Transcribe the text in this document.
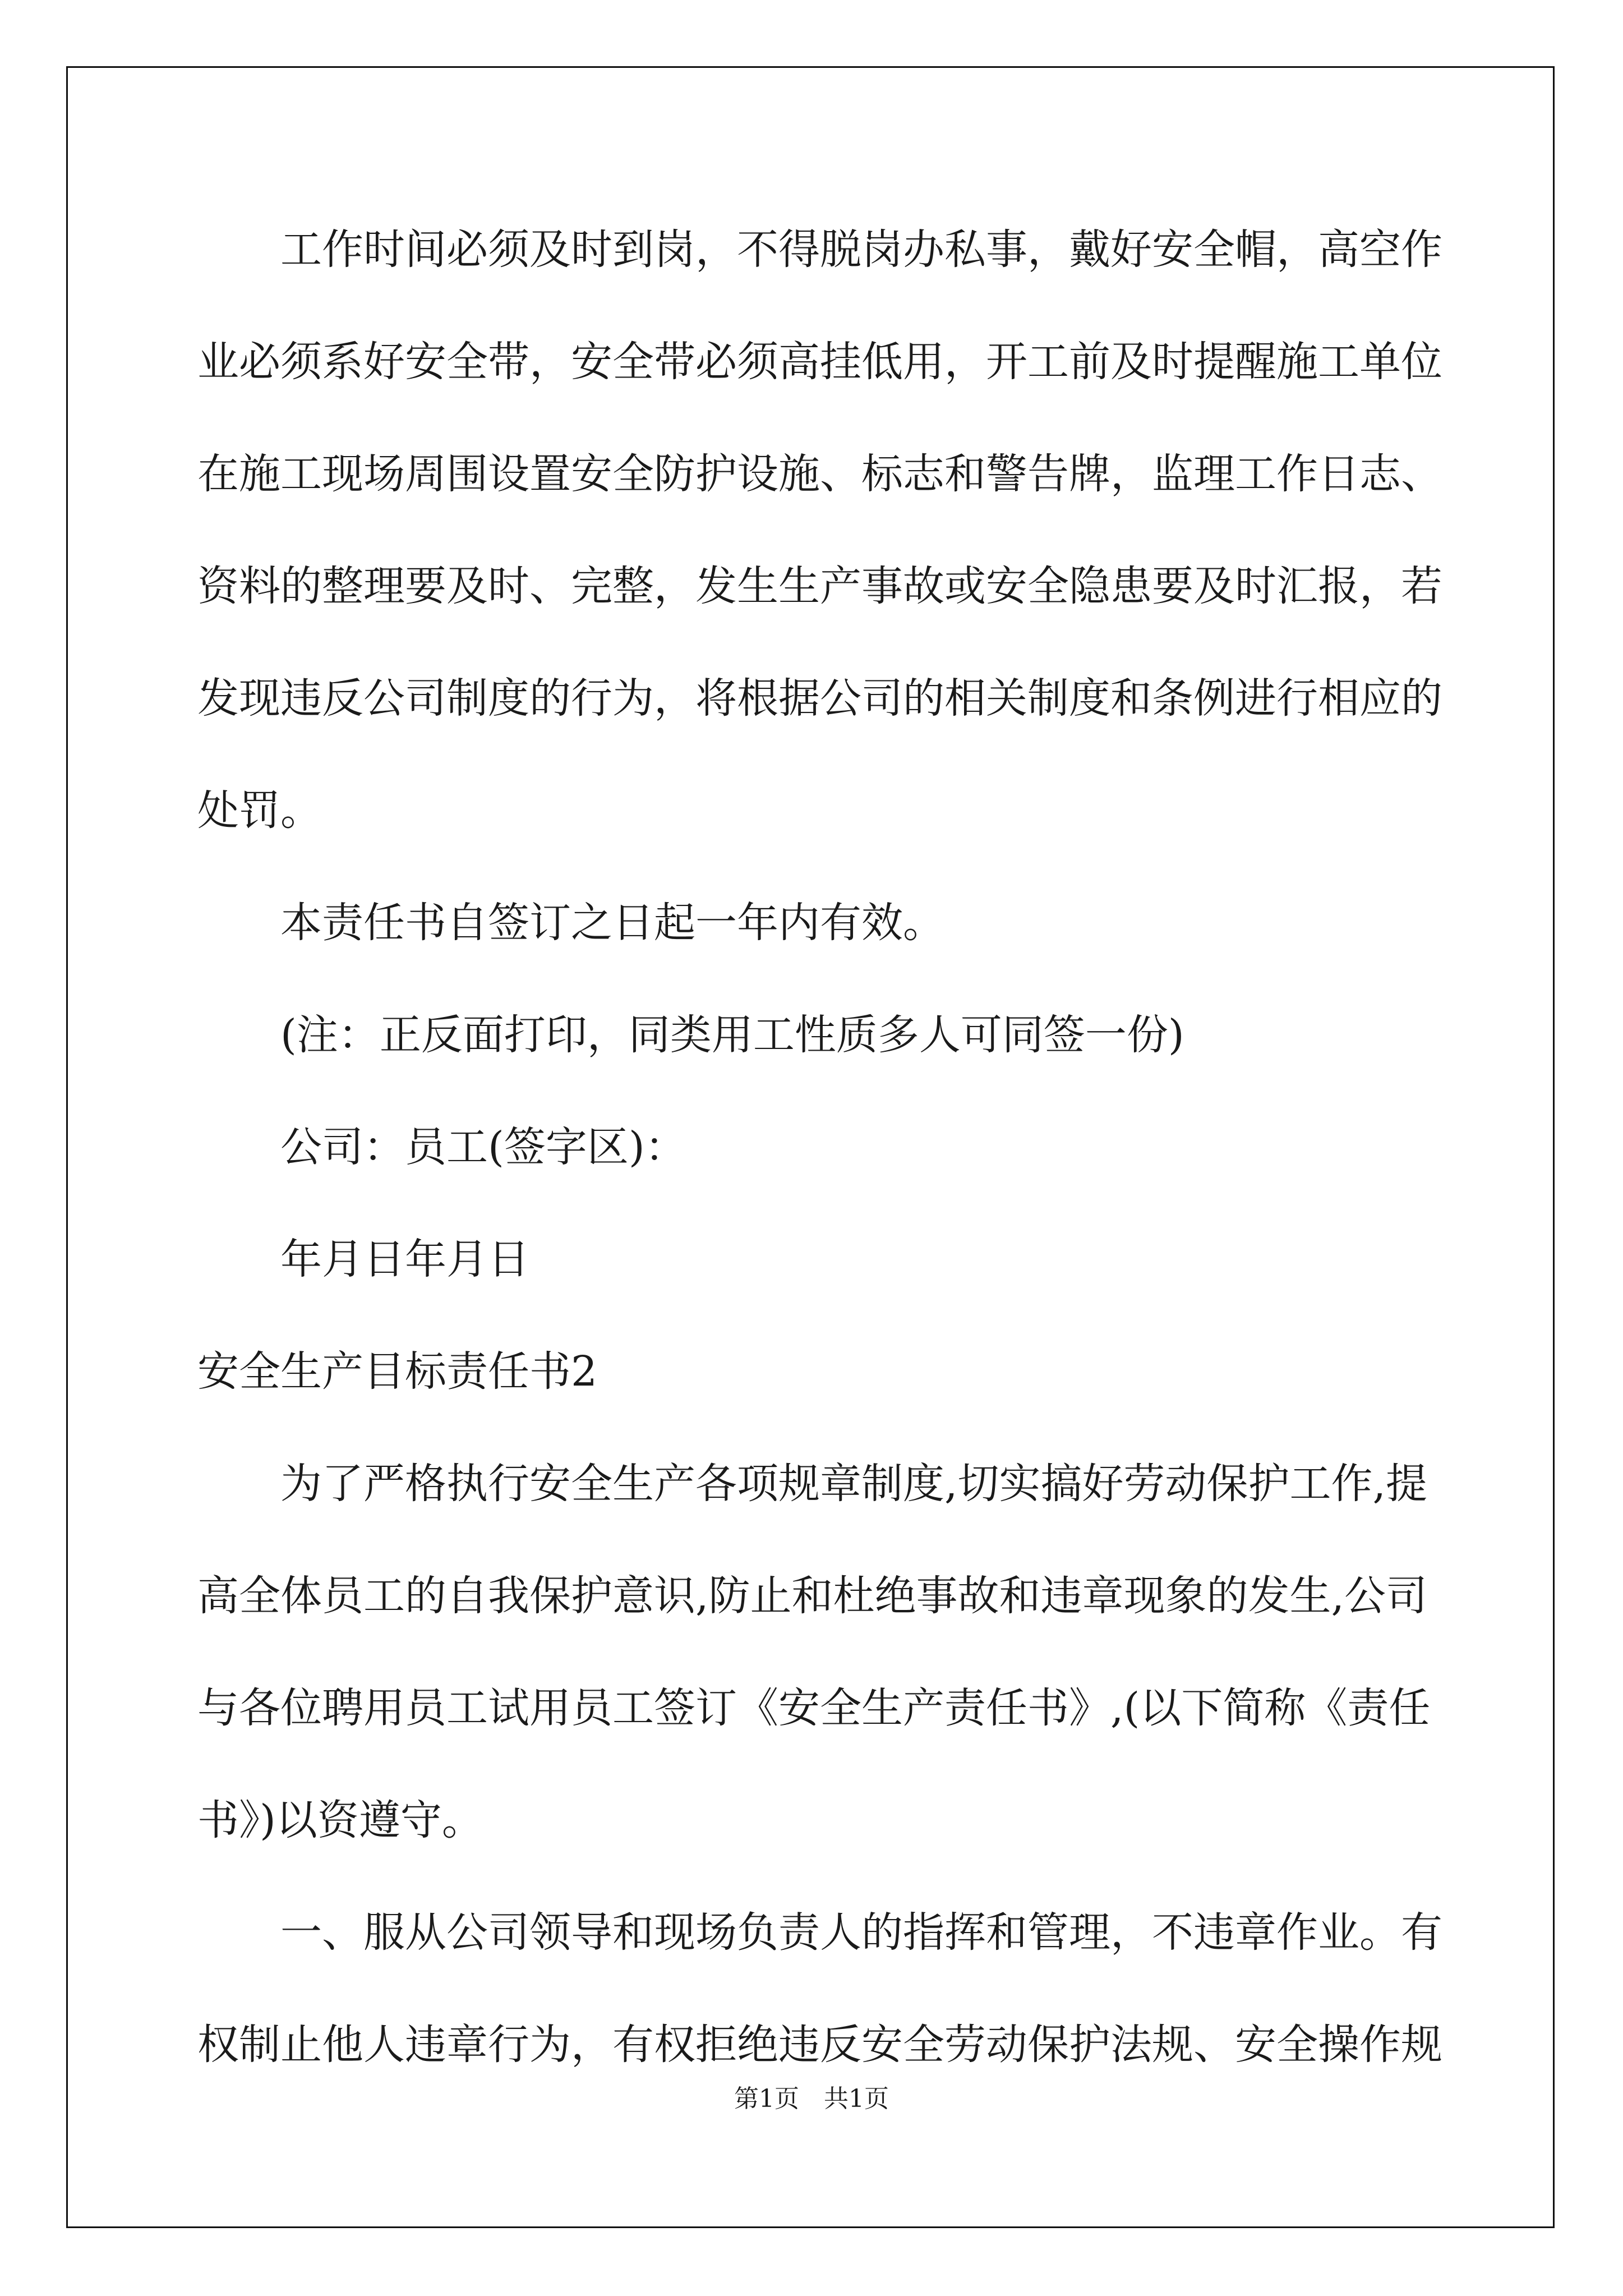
　　工作时间必须及时到岗，不得脱岗办私事，戴好安全帽，高空作
业必须系好安全带，安全带必须高挂低用，开工前及时提醒施工单位
在施工现场周围设置安全防护设施、标志和警告牌，监理工作日志、
资料的整理要及时、完整，发生生产事故或安全隐患要及时汇报，若
发现违反公司制度的行为，将根据公司的相关制度和条例进行相应的
处罚。
　　本责任书自签订之日起一年内有效。
　　(注：正反面打印，同类用工性质多人可同签一份)
　　公司：员工(签字区)：
　　年月日年月日
安全生产目标责任书2
　　为了严格执行安全生产各项规章制度,切实搞好劳动保护工作,提
高全体员工的自我保护意识,防止和杜绝事故和违章现象的发生,公司
与各位聘用员工试用员工签订《安全生产责任书》,(以下简称《责任
书》)以资遵守。
　　一、服从公司领导和现场负责人的指挥和管理，不违章作业。有
权制止他人违章行为，有权拒绝违反安全劳动保护法规、安全操作规
第1页　共1页
